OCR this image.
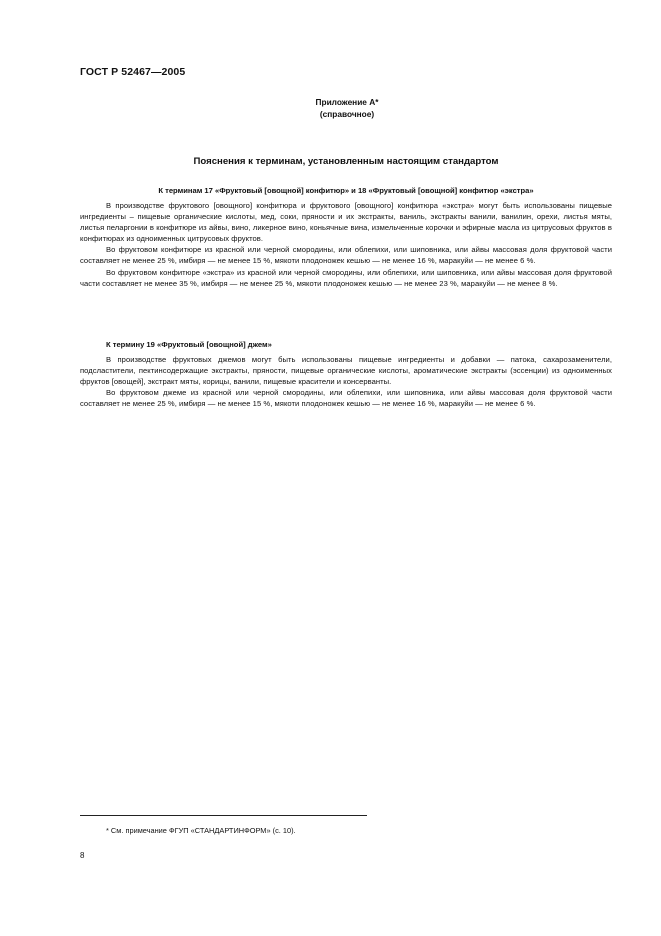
ГОСТ Р 52467—2005
Приложение А*
(справочное)
Пояснения к терминам, установленным настоящим стандартом
К терминам 17 «Фруктовый [овощной] конфитюр» и 18 «Фруктовый [овощной] конфитюр «экстра»

В производстве фруктового [овощного] конфитюра и фруктового [овощного] конфитюра «экстра» могут быть использованы пищевые ингредиенты – пищевые органические кислоты, мед, соки, пряности и их экстракты, ваниль, экстракты ванили, ванилин, орехи, листья мяты, листья пеларгонии в конфитюре из айвы, вино, ликерное вино, коньячные вина, измельченные корочки и эфирные масла из цитрусовых фруктов в конфитюрах из одноименных цитрусовых фруктов.

Во фруктовом конфитюре из красной или черной смородины, или облепихи, или шиповника, или айвы массовая доля фруктовой части составляет не менее 25 %, имбиря — не менее 15 %, мякоти плодоножек кешью — не менее 16 %, маракуйи — не менее 6 %.

Во фруктовом конфитюре «экстра» из красной или черной смородины, или облепихи, или шиповника, или айвы массовая доля фруктовой части составляет не менее 35 %, имбиря — не менее 25 %, мякоти плодоножек кешью — не менее 23 %, маракуйи — не менее 8 %.

К термину 19 «Фруктовый [овощной] джем»

В производстве фруктовых джемов могут быть использованы пищевые ингредиенты и добавки — патока, сахарозаменители, подсластители, пектинсодержащие экстракты, пряности, пищевые органические кислоты, ароматические экстракты (эссенции) из одноименных фруктов [овощей], экстракт мяты, корицы, ванили, пищевые красители и консерванты.

Во фруктовом джеме из красной или черной смородины, или облепихи, или шиповника, или айвы массовая доля фруктовой части составляет не менее 25 %, имбиря — не менее 15 %, мякоти плодоножек кешью — не менее 16 %, маракуйи — не менее 6 %.

* См. примечание ФГУП «СТАНДАРТИНФОРМ» (с. 10).
8
